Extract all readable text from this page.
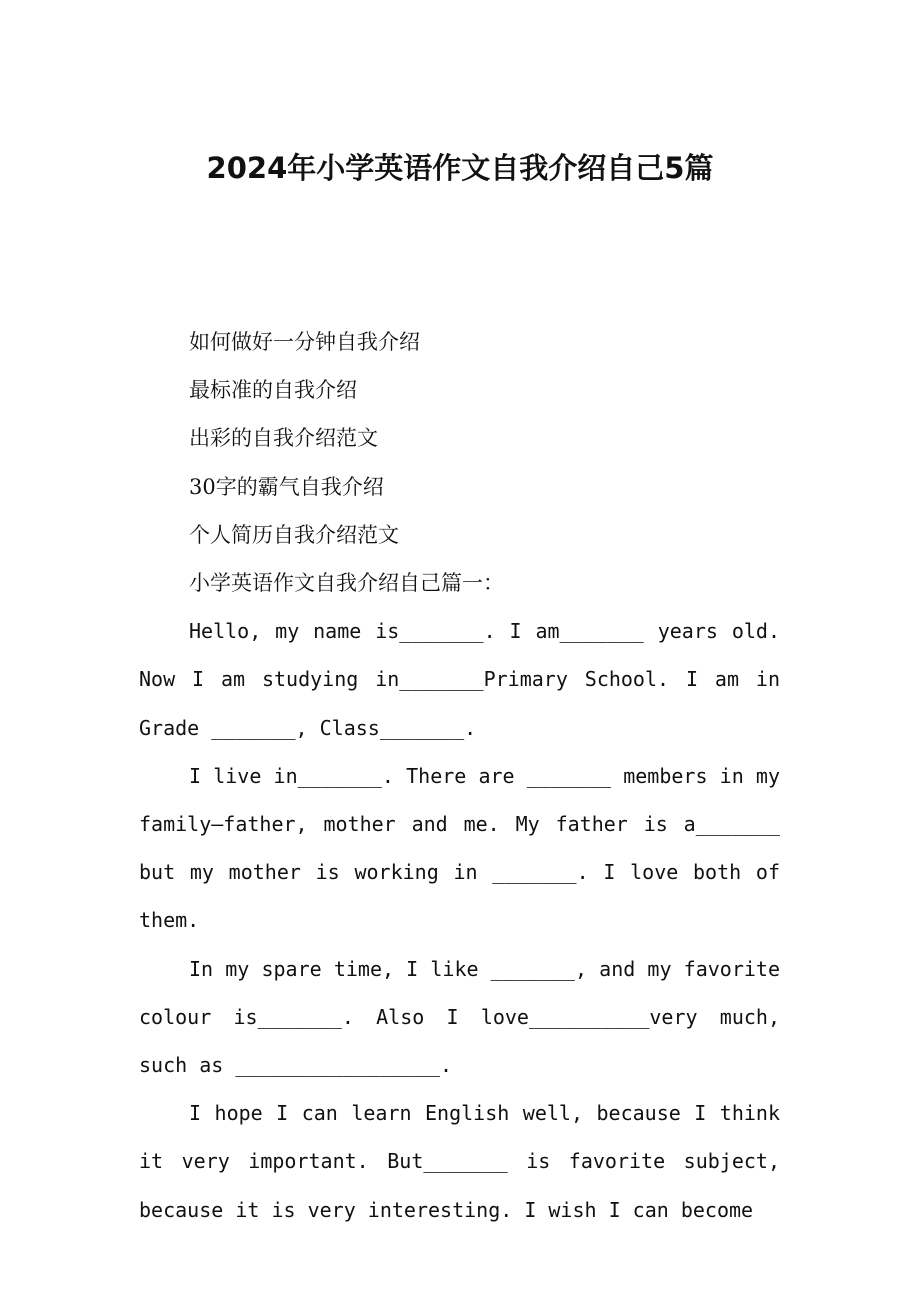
2024年小学英语作文自我介绍自己5篇

如何做好一分钟自我介绍

最标准的自我介绍

出彩的自我介绍范文

30字的霸气自我介绍

个人简历自我介绍范文

小学英语作文自我介绍自己篇一：

Hello, my name is_______. I am_______ years old. Now I am studying in_______Primary School. I am in Grade _______, Class_______.

I live in_______. There are _______ members in my family—father, mother and me. My father is a_______ but my mother is working in _______. I love both of them.

In my spare time, I like _______, and my favorite colour is_______. Also I love__________very much, such as _________________.

I hope I can learn English well, because I think it very important. But_______ is favorite subject, because it is very interesting. I wish I can become
